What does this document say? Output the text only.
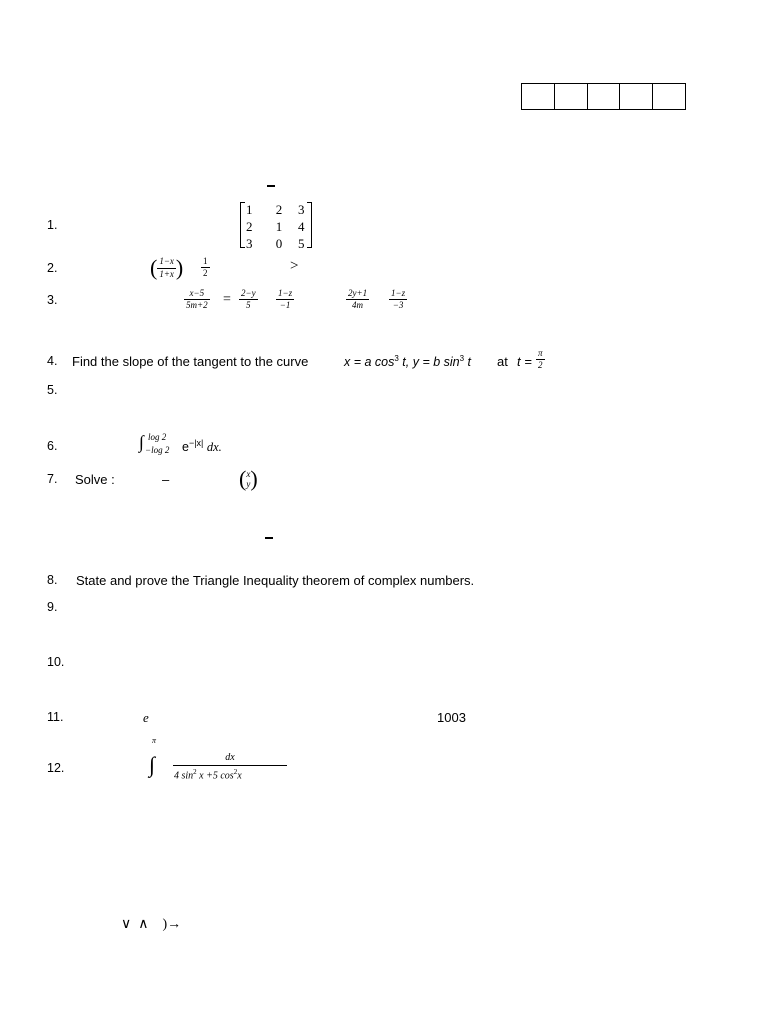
1.
1	2	3
2	1	4
3	0	5
2.	( $\frac{1-x}{1+x}$ ) $\frac{1}{2}$	>
3.	$\frac{x-5}{5m+2} = \frac{2-y}{5} \frac{1-z}{-1}$	$\frac{2y+1}{4m} \frac{1-z}{-3}$
4. Find the slope of the tangent to the curve	x = a $\cos^3 t$, y = b $\sin^3 t$ at $t = \frac{\pi}{2}$
5.
6.	∫ log 2
−log 2 $e^{-|x|}$ dx.
7. Solve :	–	( x
y )
8. State and prove the Triangle Inequality theorem of complex numbers.
9.
10.
11.	e	1003
12.
π
∫ $\frac{dx}{4 \sin^2 x +5 \cos^2x}$
∨  ∧    )→
